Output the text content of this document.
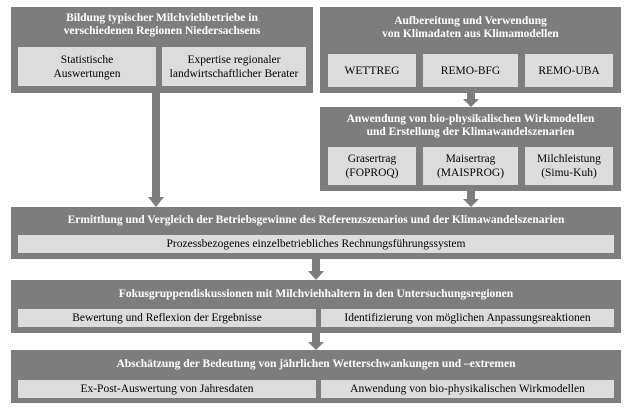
Bildung typischer Milchviehbetriebe in
verschiedenen Regionen Niedersachsens
Statistische
Auswertungen
Expertise regionaler
landwirtschaftlicher Berater
Aufbereitung und Verwendung
von Klimadaten aus Klimamodellen
WETTREG	REMO-BFG	REMO-UBA
Anwendung von bio-physikalischen Wirkmodellen
und Erstellung der Klimawandelszenarien
Grasertrag
(FOPROQ)
Maisertrag
(MAISPROG)
Milchleistung
(Simu-Kuh)
Ermittlung und Vergleich der Betriebsgewinne des Referenzszenarios und der Klimawandelszenarien
Prozessbezogenes einzelbetriebliches Rechnungsführungssystem
Fokusgruppendiskussionen mit Milchviehhaltern in den Untersuchungsregionen
Bewertung und Reflexion der Ergebnisse	Identifizierung von möglichen Anpassungsreaktionen
Abschätzung der Bedeutung von jährlichen Wetterschwankungen und –extremen
Ex-Post-Auswertung von Jahresdaten	Anwendung von bio-physikalischen Wirkmodellen
